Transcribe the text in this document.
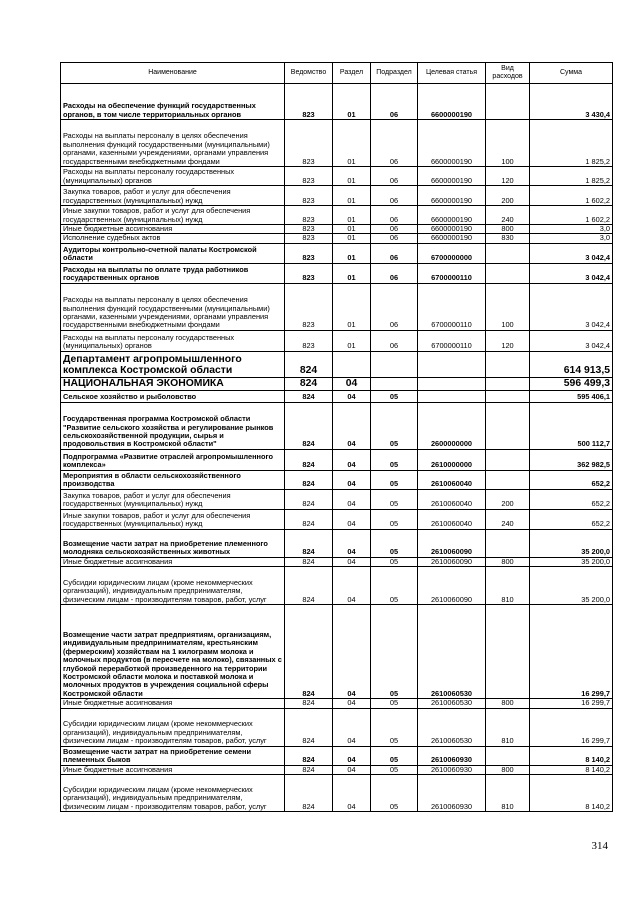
Наименование	Ведомство	Раздел	Подраздел	Целевая статья	Вид расходов	Сумма
Расходы на обеспечение функций государственных органов, в том числе территориальных органов	823	01	06	6600000190		3 430,4
Расходы на выплаты персоналу в целях обеспечения выполнения функций государственными (муниципальными) органами, казенными учреждениями, органами управления государственными внебюджетными фондами	823	01	06	6600000190	100	1 825,2
Расходы на выплаты персоналу государственных (муниципальных) органов	823	01	06	6600000190	120	1 825,2
Закупка товаров, работ и услуг для обеспечения государственных (муниципальных) нужд	823	01	06	6600000190	200	1 602,2
Иные закупки товаров, работ и услуг для обеспечения государственных (муниципальных) нужд	823	01	06	6600000190	240	1 602,2
Иные бюджетные ассигнования	823	01	06	6600000190	800	3,0
Исполнение судебных актов	823	01	06	6600000190	830	3,0
Аудиторы контрольно-счетной палаты Костромской области	823	01	06	6700000000		3 042,4
Расходы на выплаты по оплате труда работников государственных органов	823	01	06	6700000110		3 042,4
Расходы на выплаты персоналу в целях обеспечения выполнения функций государственными (муниципальными) органами, казенными учреждениями, органами управления государственными внебюджетными фондами	823	01	06	6700000110	100	3 042,4
Расходы на выплаты персоналу государственных (муниципальных) органов	823	01	06	6700000110	120	3 042,4
Департамент агропромышленного комплекса Костромской области	824					614 913,5
НАЦИОНАЛЬНАЯ ЭКОНОМИКА	824	04				596 499,3
Сельское хозяйство и рыболовство	824	04	05			595 406,1
Государственная программа Костромской области "Развитие сельского хозяйства и регулирование рынков сельскохозяйственной продукции, сырья и продовольствия в Костромской области"	824	04	05	2600000000		500 112,7
Подпрограмма «Развитие отраслей агропромышленного комплекса»	824	04	05	2610000000		362 982,5
Мероприятия в области сельскохозяйственного производства	824	04	05	2610060040		652,2
Закупка товаров, работ и услуг для обеспечения государственных (муниципальных) нужд	824	04	05	2610060040	200	652,2
Иные закупки товаров, работ и услуг для обеспечения государственных (муниципальных) нужд	824	04	05	2610060040	240	652,2
Возмещение части затрат на приобретение племенного молодняка сельскохозяйственных животных	824	04	05	2610060090		35 200,0
Иные бюджетные ассигнования	824	04	05	2610060090	800	35 200,0
Субсидии юридическим лицам (кроме некоммерческих организаций), индивидуальным предпринимателям, физическим лицам - производителям товаров, работ, услуг	824	04	05	2610060090	810	35 200,0
Возмещение части затрат предприятиям, организациям, индивидуальным предпринимателям, крестьянским (фермерским) хозяйствам на 1 килограмм молока и молочных продуктов (в пересчете на молоко), связанных с глубокой переработкой произведенного на территории Костромской области молока и поставкой молока и молочных продуктов в учреждения социальной сферы Костромской области	824	04	05	2610060530		16 299,7
Иные бюджетные ассигнования	824	04	05	2610060530	800	16 299,7
Субсидии юридическим лицам (кроме некоммерческих организаций), индивидуальным предпринимателям, физическим лицам - производителям товаров, работ, услуг	824	04	05	2610060530	810	16 299,7
Возмещение части затрат на приобретение семени племенных быков	824	04	05	2610060930		8 140,2
Иные бюджетные ассигнования	824	04	05	2610060930	800	8 140,2
Субсидии юридическим лицам (кроме некоммерческих организаций), индивидуальным предпринимателям, физическим лицам - производителям товаров, работ, услуг	824	04	05	2610060930	810	8 140,2
314
